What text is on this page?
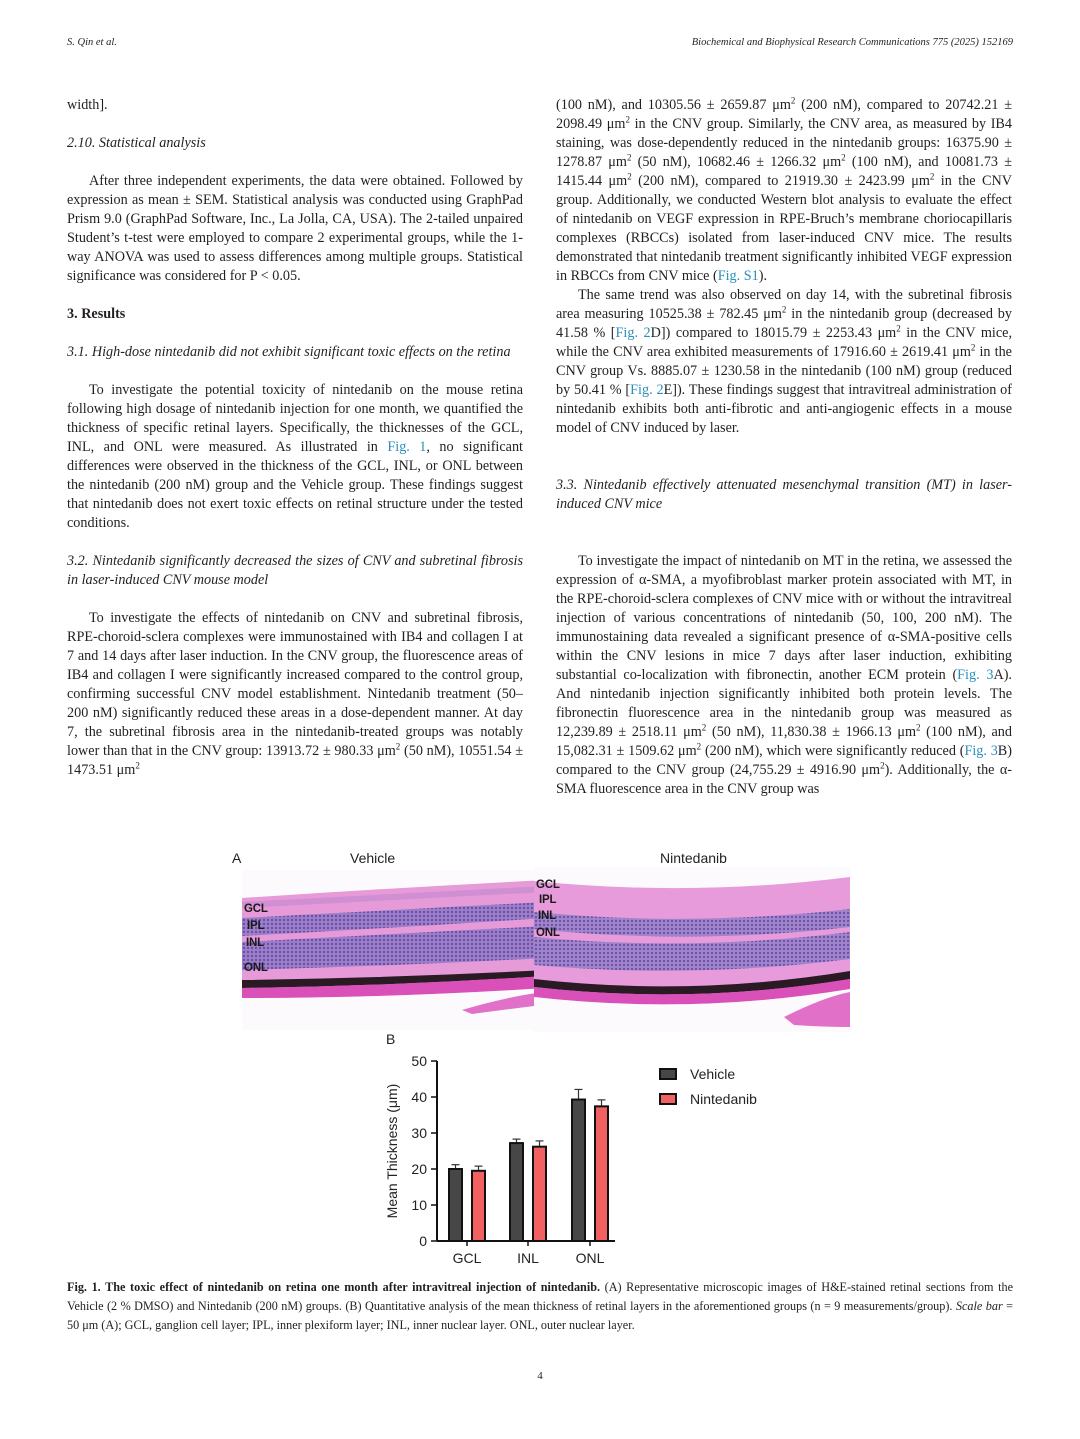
S. Qin et al.	Biochemical and Biophysical Research Communications 775 (2025) 152169

width].

2.10. Statistical analysis

After three independent experiments, the data were obtained. Followed by expression as mean ± SEM. Statistical analysis was conducted using GraphPad Prism 9.0 (GraphPad Software, Inc., La Jolla, CA, USA). The 2-tailed unpaired Student’s t-test were employed to compare 2 experimental groups, while the 1-way ANOVA was used to assess differences among multiple groups. Statistical significance was considered for P < 0.05.

3. Results

3.1. High-dose nintedanib did not exhibit significant toxic effects on the retina

To investigate the potential toxicity of nintedanib on the mouse retina following high dosage of nintedanib injection for one month, we quantified the thickness of specific retinal layers. Specifically, the thicknesses of the GCL, INL, and ONL were measured. As illustrated in Fig. 1, no significant differences were observed in the thickness of the GCL, INL, or ONL between the nintedanib (200 nM) group and the Vehicle group. These findings suggest that nintedanib does not exert toxic effects on retinal structure under the tested conditions.

3.2. Nintedanib significantly decreased the sizes of CNV and subretinal fibrosis in laser-induced CNV mouse model

To investigate the effects of nintedanib on CNV and subretinal fibrosis, RPE-choroid-sclera complexes were immunostained with IB4 and collagen I at 7 and 14 days after laser induction. In the CNV group, the fluorescence areas of IB4 and collagen I were significantly increased compared to the control group, confirming successful CNV model establishment. Nintedanib treatment (50–200 nM) significantly reduced these areas in a dose-dependent manner. At day 7, the subretinal fibrosis area in the nintedanib-treated groups was notably lower than that in the CNV group: 13913.72 ± 980.33 $\mu m^2$ (50 nM), 10551.54 ± 1473.51 $\mu m^2$

(100 nM), and 10305.56 ± 2659.87 $\mu m^2$ (200 nM), compared to 20742.21 ± 2098.49 $\mu m^2$ in the CNV group. Similarly, the CNV area, as measured by IB4 staining, was dose-dependently reduced in the nintedanib groups: 16375.90 ± 1278.87 $\mu m^2$ (50 nM), 10682.46 ± 1266.32 $\mu m^2$ (100 nM), and 10081.73 ± 1415.44 $\mu m^2$ (200 nM), compared to 21919.30 ± 2423.99 $\mu m^2$ in the CNV group. Additionally, we conducted Western blot analysis to evaluate the effect of nintedanib on VEGF expression in RPE-Bruch’s membrane choriocapillaris complexes (RBCCs) isolated from laser-induced CNV mice. The results demonstrated that nintedanib treatment significantly inhibited VEGF expression in RBCCs from CNV mice (Fig. S1).

The same trend was also observed on day 14, with the subretinal fibrosis area measuring 10525.38 ± 782.45 $\mu m^2$ in the nintedanib group (decreased by 41.58 % [Fig. 2D]) compared to 18015.79 ± 2253.43 $\mu m^2$ in the CNV mice, while the CNV area exhibited measurements of 17916.60 ± 2619.41 $\mu m^2$ in the CNV group Vs. 8885.07 ± 1230.58 in the nintedanib (100 nM) group (reduced by 50.41 % [Fig. 2E]). These findings suggest that intravitreal administration of nintedanib exhibits both anti-fibrotic and anti-angiogenic effects in a mouse model of CNV induced by laser.

3.3. Nintedanib effectively attenuated mesenchymal transition (MT) in laser-induced CNV mice

To investigate the impact of nintedanib on MT in the retina, we assessed the expression of α-SMA, a myofibroblast marker protein associated with MT, in the RPE-choroid-sclera complexes of CNV mice with or without the intravitreal injection of various concentrations of nintedanib (50, 100, 200 nM). The immunostaining data revealed a significant presence of α-SMA-positive cells within the CNV lesions in mice 7 days after laser induction, exhibiting substantial co-localization with fibronectin, another ECM protein (Fig. 3A). And nintedanib injection significantly inhibited both protein levels. The fibronectin fluorescence area in the nintedanib group was measured as 12,239.89 ± 2518.11 $\mu m^2$ (50 nM), 11,830.38 ± 1966.13 $\mu m^2$ (100 nM), and 15,082.31 ± 1509.62 $\mu m^2$ (200 nM), which were significantly reduced (Fig. 3B) compared to the CNV group (24,755.29 ± 4916.90 $\mu m^2$). Additionally, the α-SMA fluorescence area in the CNV group was

A	Vehicle	Nintedanib
GCL
IPL
INL
ONL
GCL
IPL
INL
ONL
B
0
10
20
30
40
50
Mean Thickness (μm)
GCL	INL	ONL
Vehicle
Nintedanib
Fig. 1. The toxic effect of nintedanib on retina one month after intravitreal injection of nintedanib. (A) Representative microscopic images of H&E-stained retinal sections from the Vehicle (2 % DMSO) and Nintedanib (200 nM) groups. (B) Quantitative analysis of the mean thickness of retinal layers in the aforementioned groups (n = 9 measurements/group). Scale bar = 50 μm (A); GCL, ganglion cell layer; IPL, inner plexiform layer; INL, inner nuclear layer. ONL, outer nuclear layer.
4
